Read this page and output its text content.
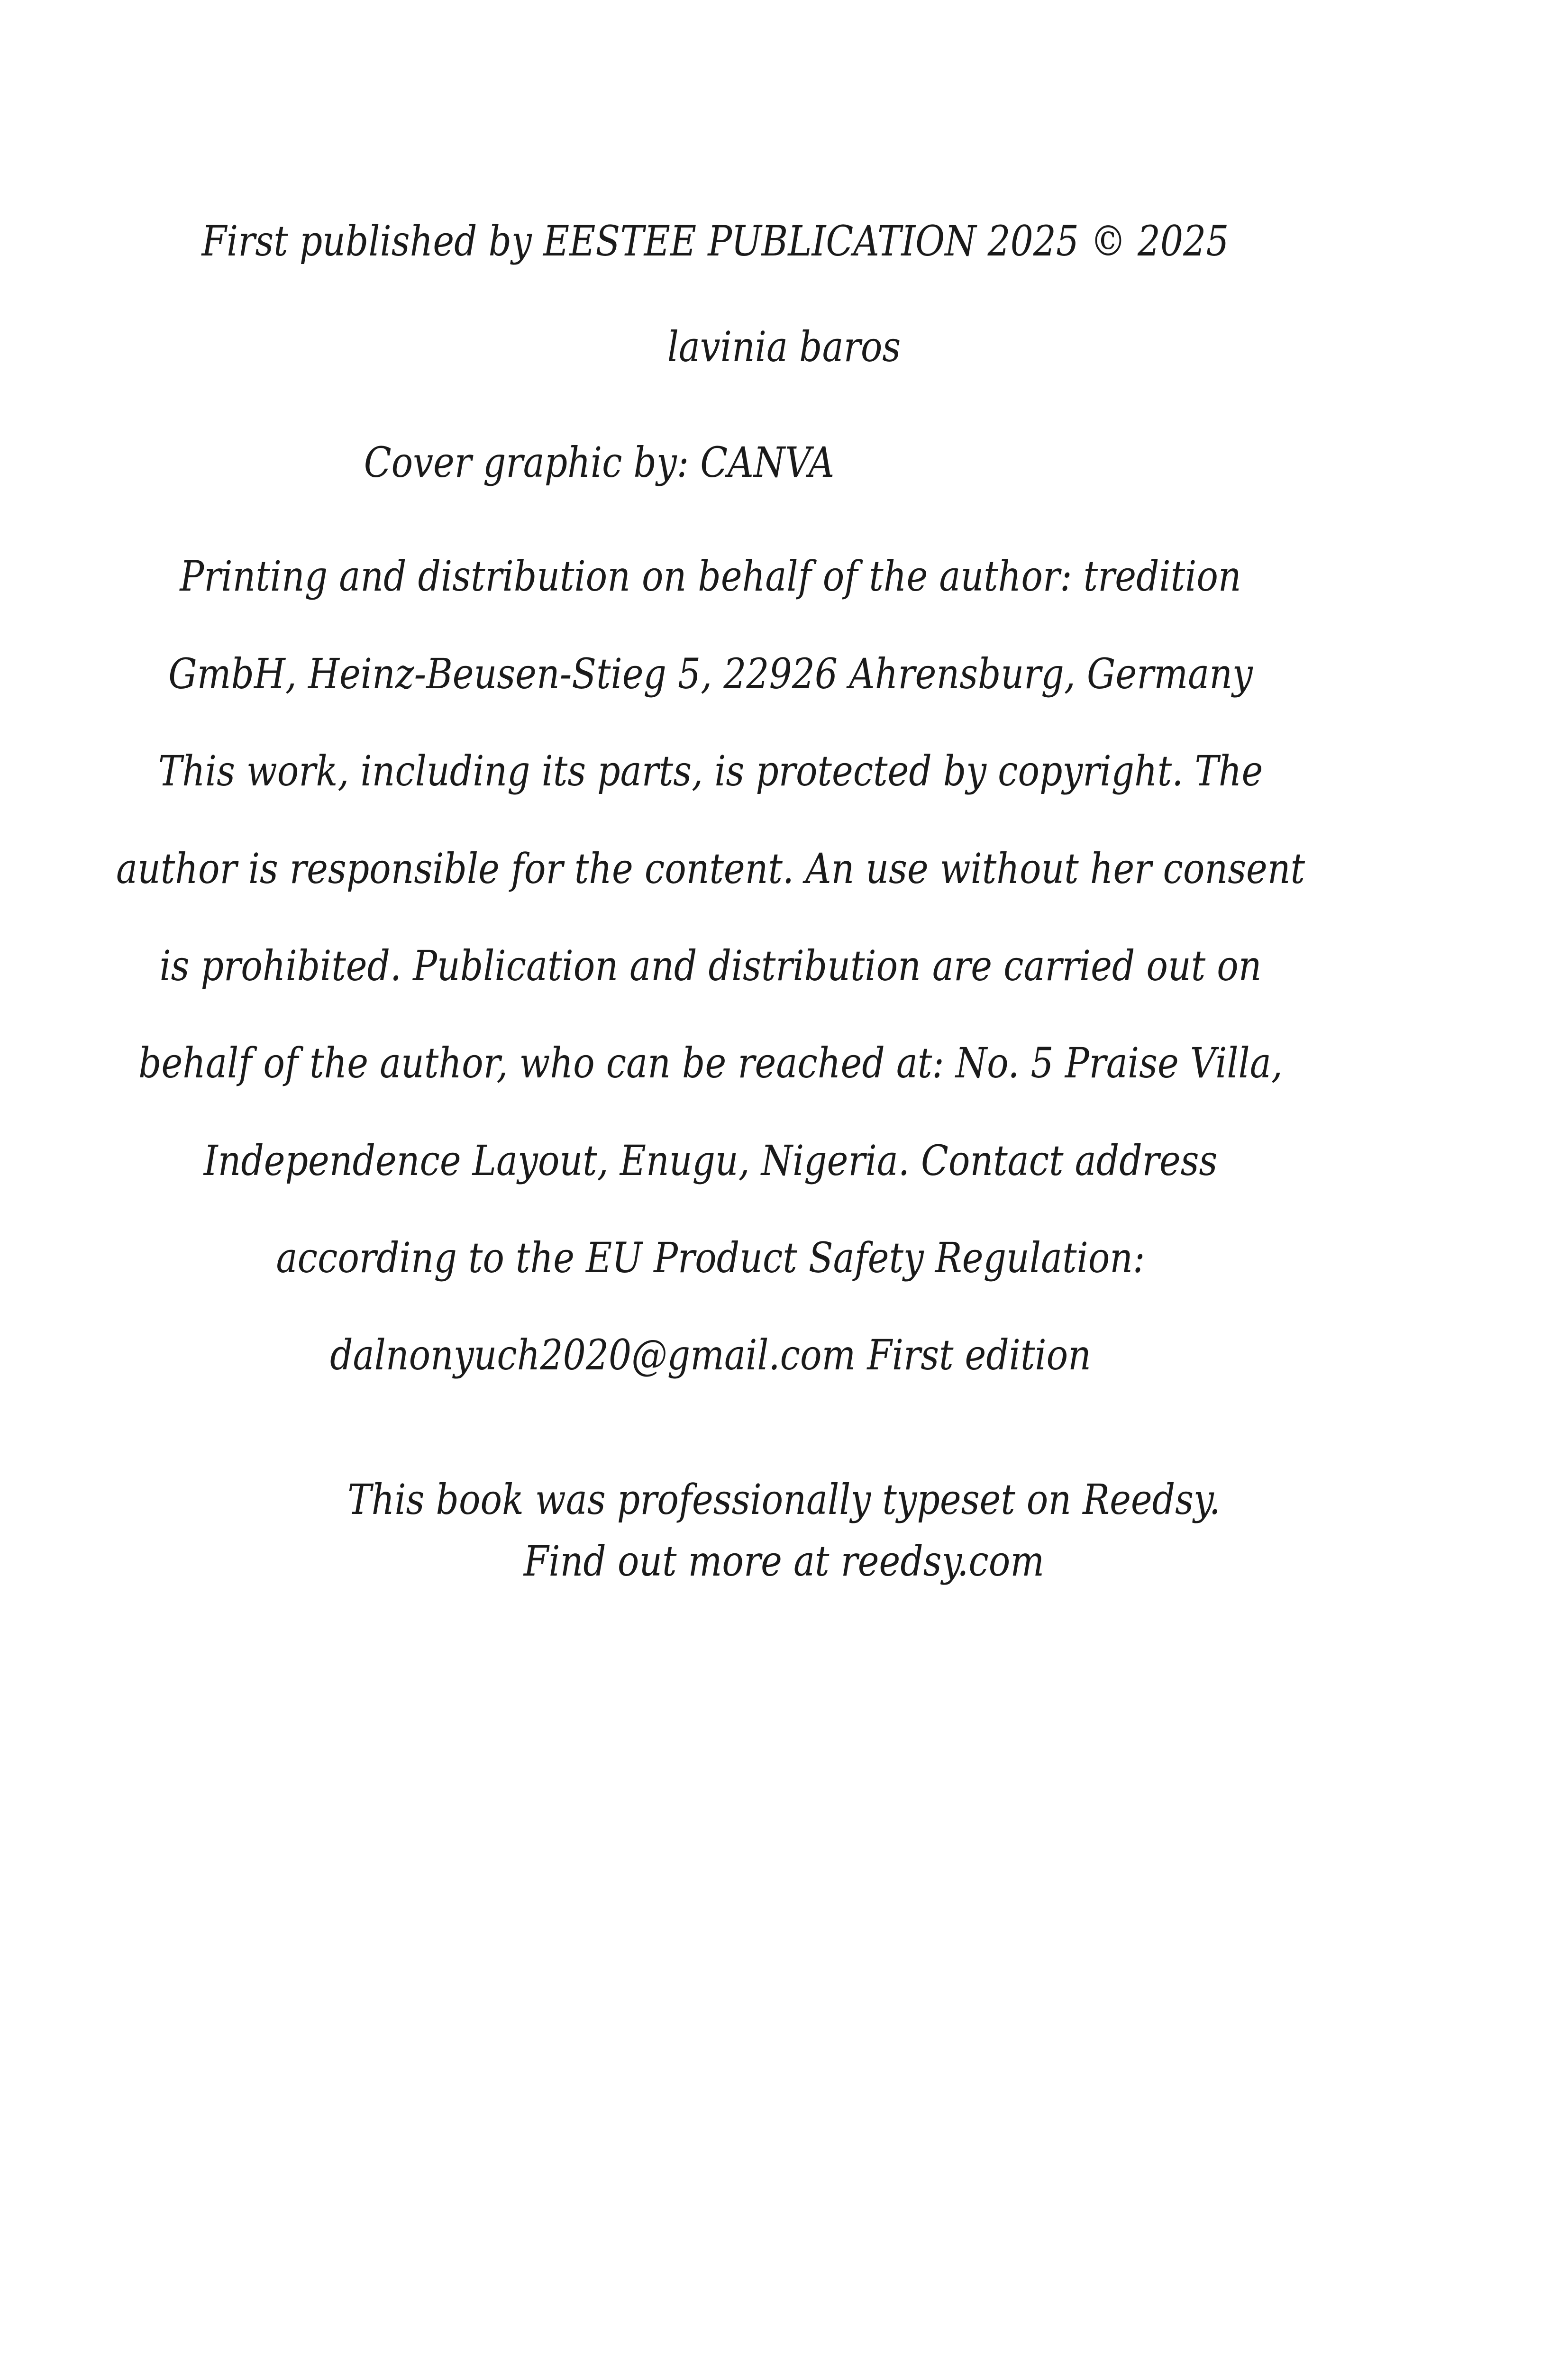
First published by EESTEE PUBLICATION 2025 © 2025
lavinia baros
Cover graphic by: CANVA
Printing and distribution on behalf of the author: tredition
GmbH, Heinz-Beusen-Stieg 5, 22926 Ahrensburg, Germany
This work, including its parts, is protected by copyright. The
author is responsible for the content. An use without her consent
is prohibited. Publication and distribution are carried out on
behalf of the author, who can be reached at: No. 5 Praise Villa,
Independence Layout, Enugu, Nigeria. Contact address
according to the EU Product Safety Regulation:
dalnonyuch2020@gmail.com First edition
This book was professionally typeset on Reedsy.
Find out more at reedsy.com
